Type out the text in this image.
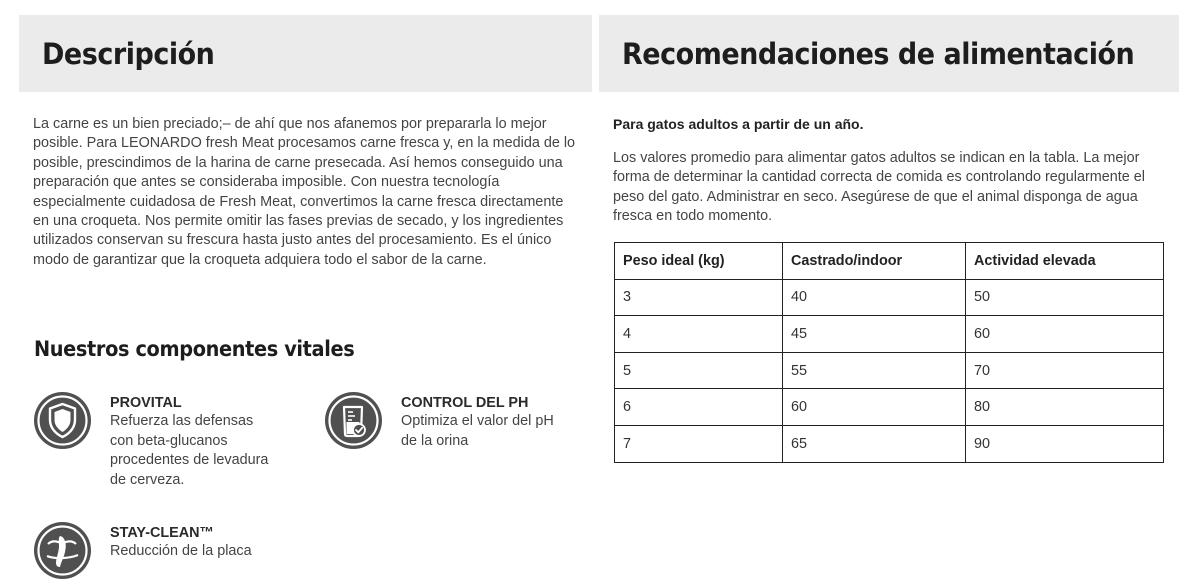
Descripción

La carne es un bien preciado;– de ahí que nos afanemos por prepararla lo mejor posible. Para LEONARDO fresh Meat procesamos carne fresca y, en la medida de lo posible, prescindimos de la harina de carne presecada. Así hemos conseguido una preparación que antes se consideraba imposible. Con nuestra tecnología especialmente cuidadosa de Fresh Meat, convertimos la carne fresca directamente en una croqueta. Nos permite omitir las fases previas de secado, y los ingredientes utilizados conservan su frescura hasta justo antes del procesamiento. Es el único modo de garantizar que la croqueta adquiera todo el sabor de la carne.

Nuestros componentes vitales
PROVITAL
Refuerza las defensas con beta-glucanos procedentes de levadura de cerveza.
CONTROL DEL PH
Optimiza el valor del pH de la orina
STAY-CLEAN™
Reducción de la placa
Recomendaciones de alimentación

Para gatos adultos a partir de un año.

Los valores promedio para alimentar gatos adultos se indican en la tabla. La mejor forma de determinar la cantidad correcta de comida es controlando regularmente el peso del gato. Administrar en seco. Asegúrese de que el animal disponga de agua fresca en todo momento.

Peso ideal (kg)	Castrado/indoor	Actividad elevada
3	40	50
4	45	60
5	55	70
6	60	80
7	65	90
